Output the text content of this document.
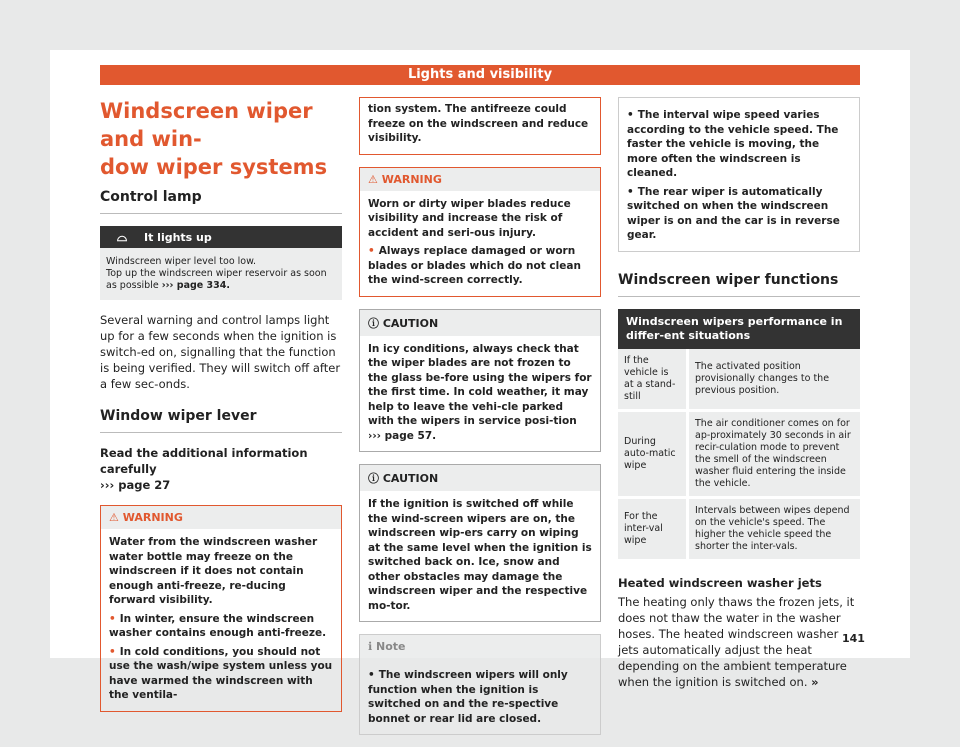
Lights and visibility
Windscreen wiper and win-
dow wiper systems
Control lamp
⌓	It lights up
Windscreen wiper level too low.
Top up the windscreen wiper reservoir as soon as possible ››› page 334.

Several warning and control lamps light up for a few seconds when the ignition is switch-ed on, signalling that the function is being verified. They will switch off after a few sec-onds.

Window wiper lever

Read the additional information carefully
››› page 27

⚠ WARNING
Water from the windscreen washer water bottle may freeze on the windscreen if it does not contain enough anti-freeze, re-ducing forward visibility.
• In winter, ensure the windscreen washer contains enough anti-freeze.
• In cold conditions, you should not use the wash/wipe system unless you have warmed the windscreen with the ventila-
tion system. The antifreeze could freeze on the windscreen and reduce visibility.
⚠ WARNING
Worn or dirty wiper blades reduce visibility and increase the risk of accident and seri-ous injury.
• Always replace damaged or worn blades or blades which do not clean the wind-screen correctly.
ⓘ CAUTION
In icy conditions, always check that the wiper blades are not frozen to the glass be-fore using the wipers for the first time. In cold weather, it may help to leave the vehi-cle parked with the wipers in service posi-tion ››› page 57.
ⓘ CAUTION
If the ignition is switched off while the wind-screen wipers are on, the windscreen wip-ers carry on wiping at the same level when the ignition is switched back on. Ice, snow and other obstacles may damage the windscreen wiper and the respective mo-tor.
ℹ Note
• The windscreen wipers will only function when the ignition is switched on and the re-spective bonnet or rear lid are closed.
• The interval wipe speed varies according to the vehicle speed. The faster the vehicle is moving, the more often the windscreen is cleaned.
• The rear wiper is automatically switched on when the windscreen wiper is on and the car is in reverse gear.
Windscreen wiper functions
Windscreen wipers performance in differ-ent situations
If the vehicle is at a stand-still	The activated position provisionally changes to the previous position.
During auto-matic wipe	The air conditioner comes on for ap-proximately 30 seconds in air recir-culation mode to prevent the smell of the windscreen washer fluid entering the inside the vehicle.
For the inter-val wipe	Intervals between wipes depend on the vehicle's speed. The higher the vehicle speed the shorter the inter-vals.
Heated windscreen washer jets

The heating only thaws the frozen jets, it does not thaw the water in the washer hoses. The heated windscreen washer jets automatically adjust the heat depending on the ambient temperature when the ignition is switched on. »

141
